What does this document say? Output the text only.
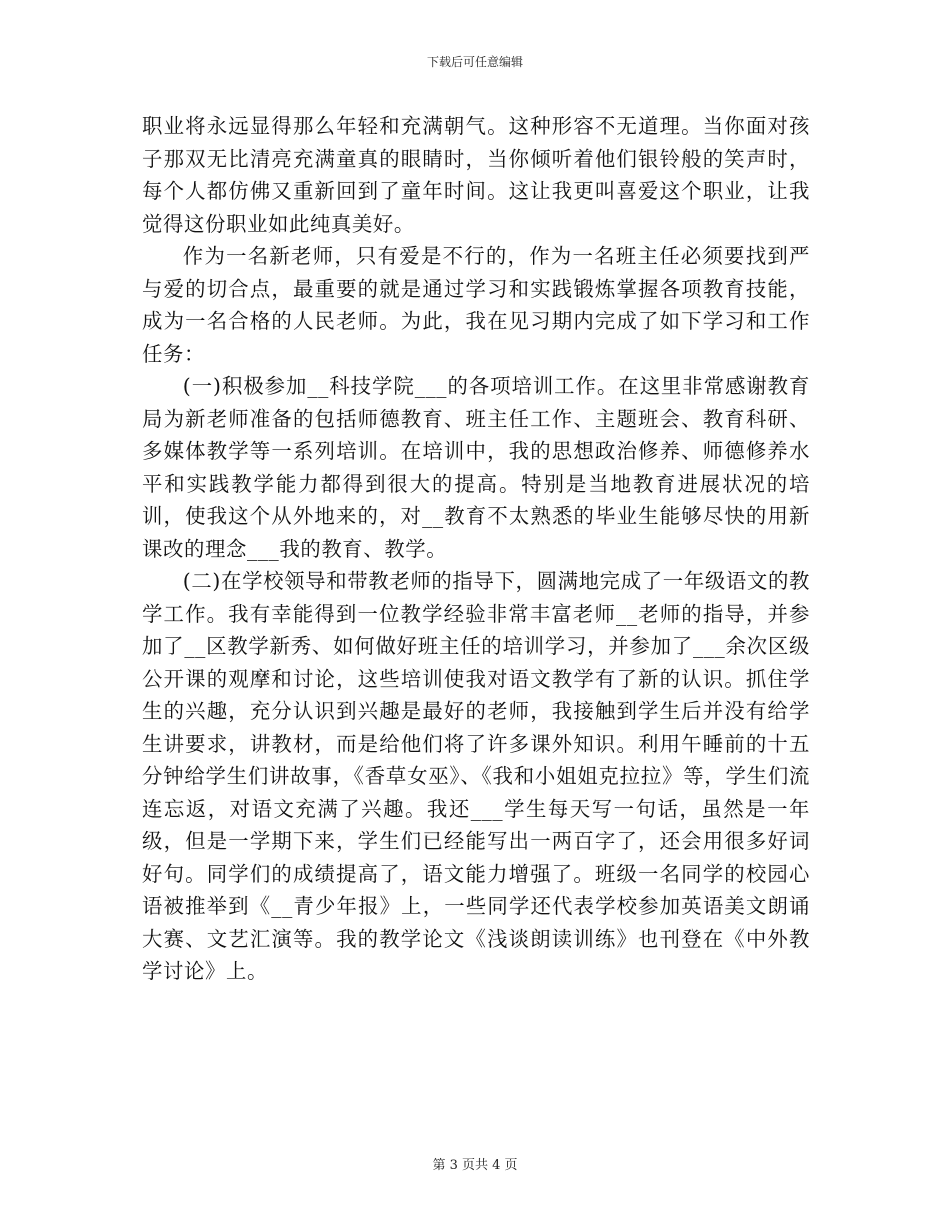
下载后可任意编辑

职业将永远显得那么年轻和充满朝气。这种形容不无道理。当你面对孩子那双无比清亮充满童真的眼睛时，当你倾听着他们银铃般的笑声时，每个人都仿佛又重新回到了童年时间。这让我更叫喜爱这个职业，让我觉得这份职业如此纯真美好。

作为一名新老师，只有爱是不行的，作为一名班主任必须要找到严与爱的切合点，最重要的就是通过学习和实践锻炼掌握各项教育技能，成为一名合格的人民老师。为此，我在见习期内完成了如下学习和工作任务：

(一)积极参加__科技学院___的各项培训工作。在这里非常感谢教育局为新老师准备的包括师德教育、班主任工作、主题班会、教育科研、多媒体教学等一系列培训。在培训中，我的思想政治修养、师德修养水平和实践教学能力都得到很大的提高。特别是当地教育进展状况的培训，使我这个从外地来的，对__教育不太熟悉的毕业生能够尽快的用新课改的理念___我的教育、教学。

(二)在学校领导和带教老师的指导下，圆满地完成了一年级语文的教学工作。我有幸能得到一位教学经验非常丰富老师__老师的指导，并参加了__区教学新秀、如何做好班主任的培训学习，并参加了___余次区级公开课的观摩和讨论，这些培训使我对语文教学有了新的认识。抓住学生的兴趣，充分认识到兴趣是最好的老师，我接触到学生后并没有给学生讲要求，讲教材，而是给他们将了许多课外知识。利用午睡前的十五分钟给学生们讲故事，《香草女巫》、《我和小姐姐克拉拉》等，学生们流连忘返，对语文充满了兴趣。我还___学生每天写一句话，虽然是一年级，但是一学期下来，学生们已经能写出一两百字了，还会用很多好词好句。同学们的成绩提高了，语文能力增强了。班级一名同学的校园心语被推举到《__青少年报》上，一些同学还代表学校参加英语美文朗诵大赛、文艺汇演等。我的教学论文《浅谈朗读训练》也刊登在《中外教学讨论》上。

第 3 页共 4 页
